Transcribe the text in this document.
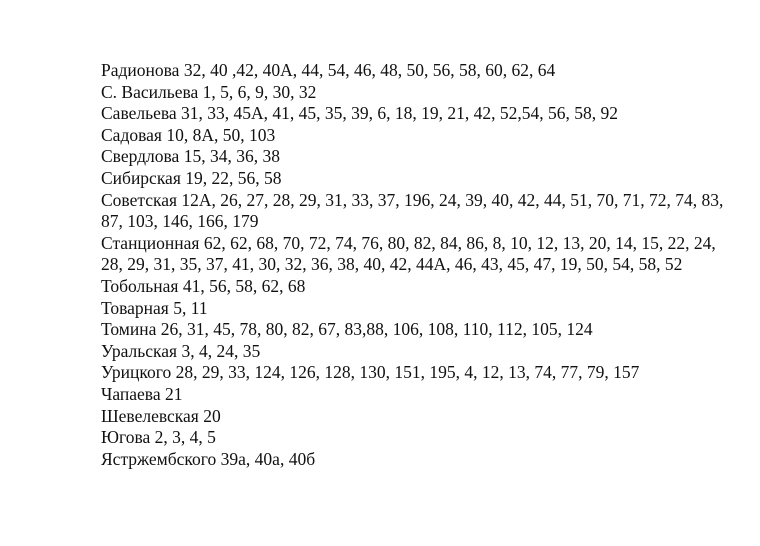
Радионова 32, 40 ,42, 40А, 44, 54, 46, 48, 50, 56, 58, 60, 62, 64

С. Васильева 1, 5, 6, 9, 30, 32

Савельева 31, 33, 45А, 41, 45, 35, 39, 6, 18, 19, 21, 42, 52,54, 56, 58, 92

Садовая 10, 8А, 50, 103

Свердлова 15, 34, 36, 38

Сибирская 19, 22, 56, 58

Советская 12А, 26, 27, 28, 29, 31, 33, 37, 196, 24, 39, 40, 42, 44, 51, 70, 71, 72, 74, 83, 87, 103, 146, 166, 179

Станционная 62, 62, 68, 70, 72, 74, 76, 80, 82, 84, 86, 8, 10, 12, 13, 20, 14, 15, 22, 24, 28, 29, 31, 35, 37, 41, 30, 32, 36, 38, 40, 42, 44А, 46, 43, 45, 47, 19, 50, 54, 58, 52

Тобольная 41, 56, 58, 62, 68

Товарная 5, 11

Томина 26, 31, 45, 78, 80, 82, 67, 83,88, 106, 108, 110, 112, 105, 124

Уральская 3, 4, 24, 35

Урицкого 28, 29, 33, 124, 126, 128, 130, 151, 195, 4, 12, 13, 74, 77, 79, 157

Чапаева 21

Шевелевская 20

Югова 2, 3, 4, 5

Ястржембского 39а, 40а, 40б
